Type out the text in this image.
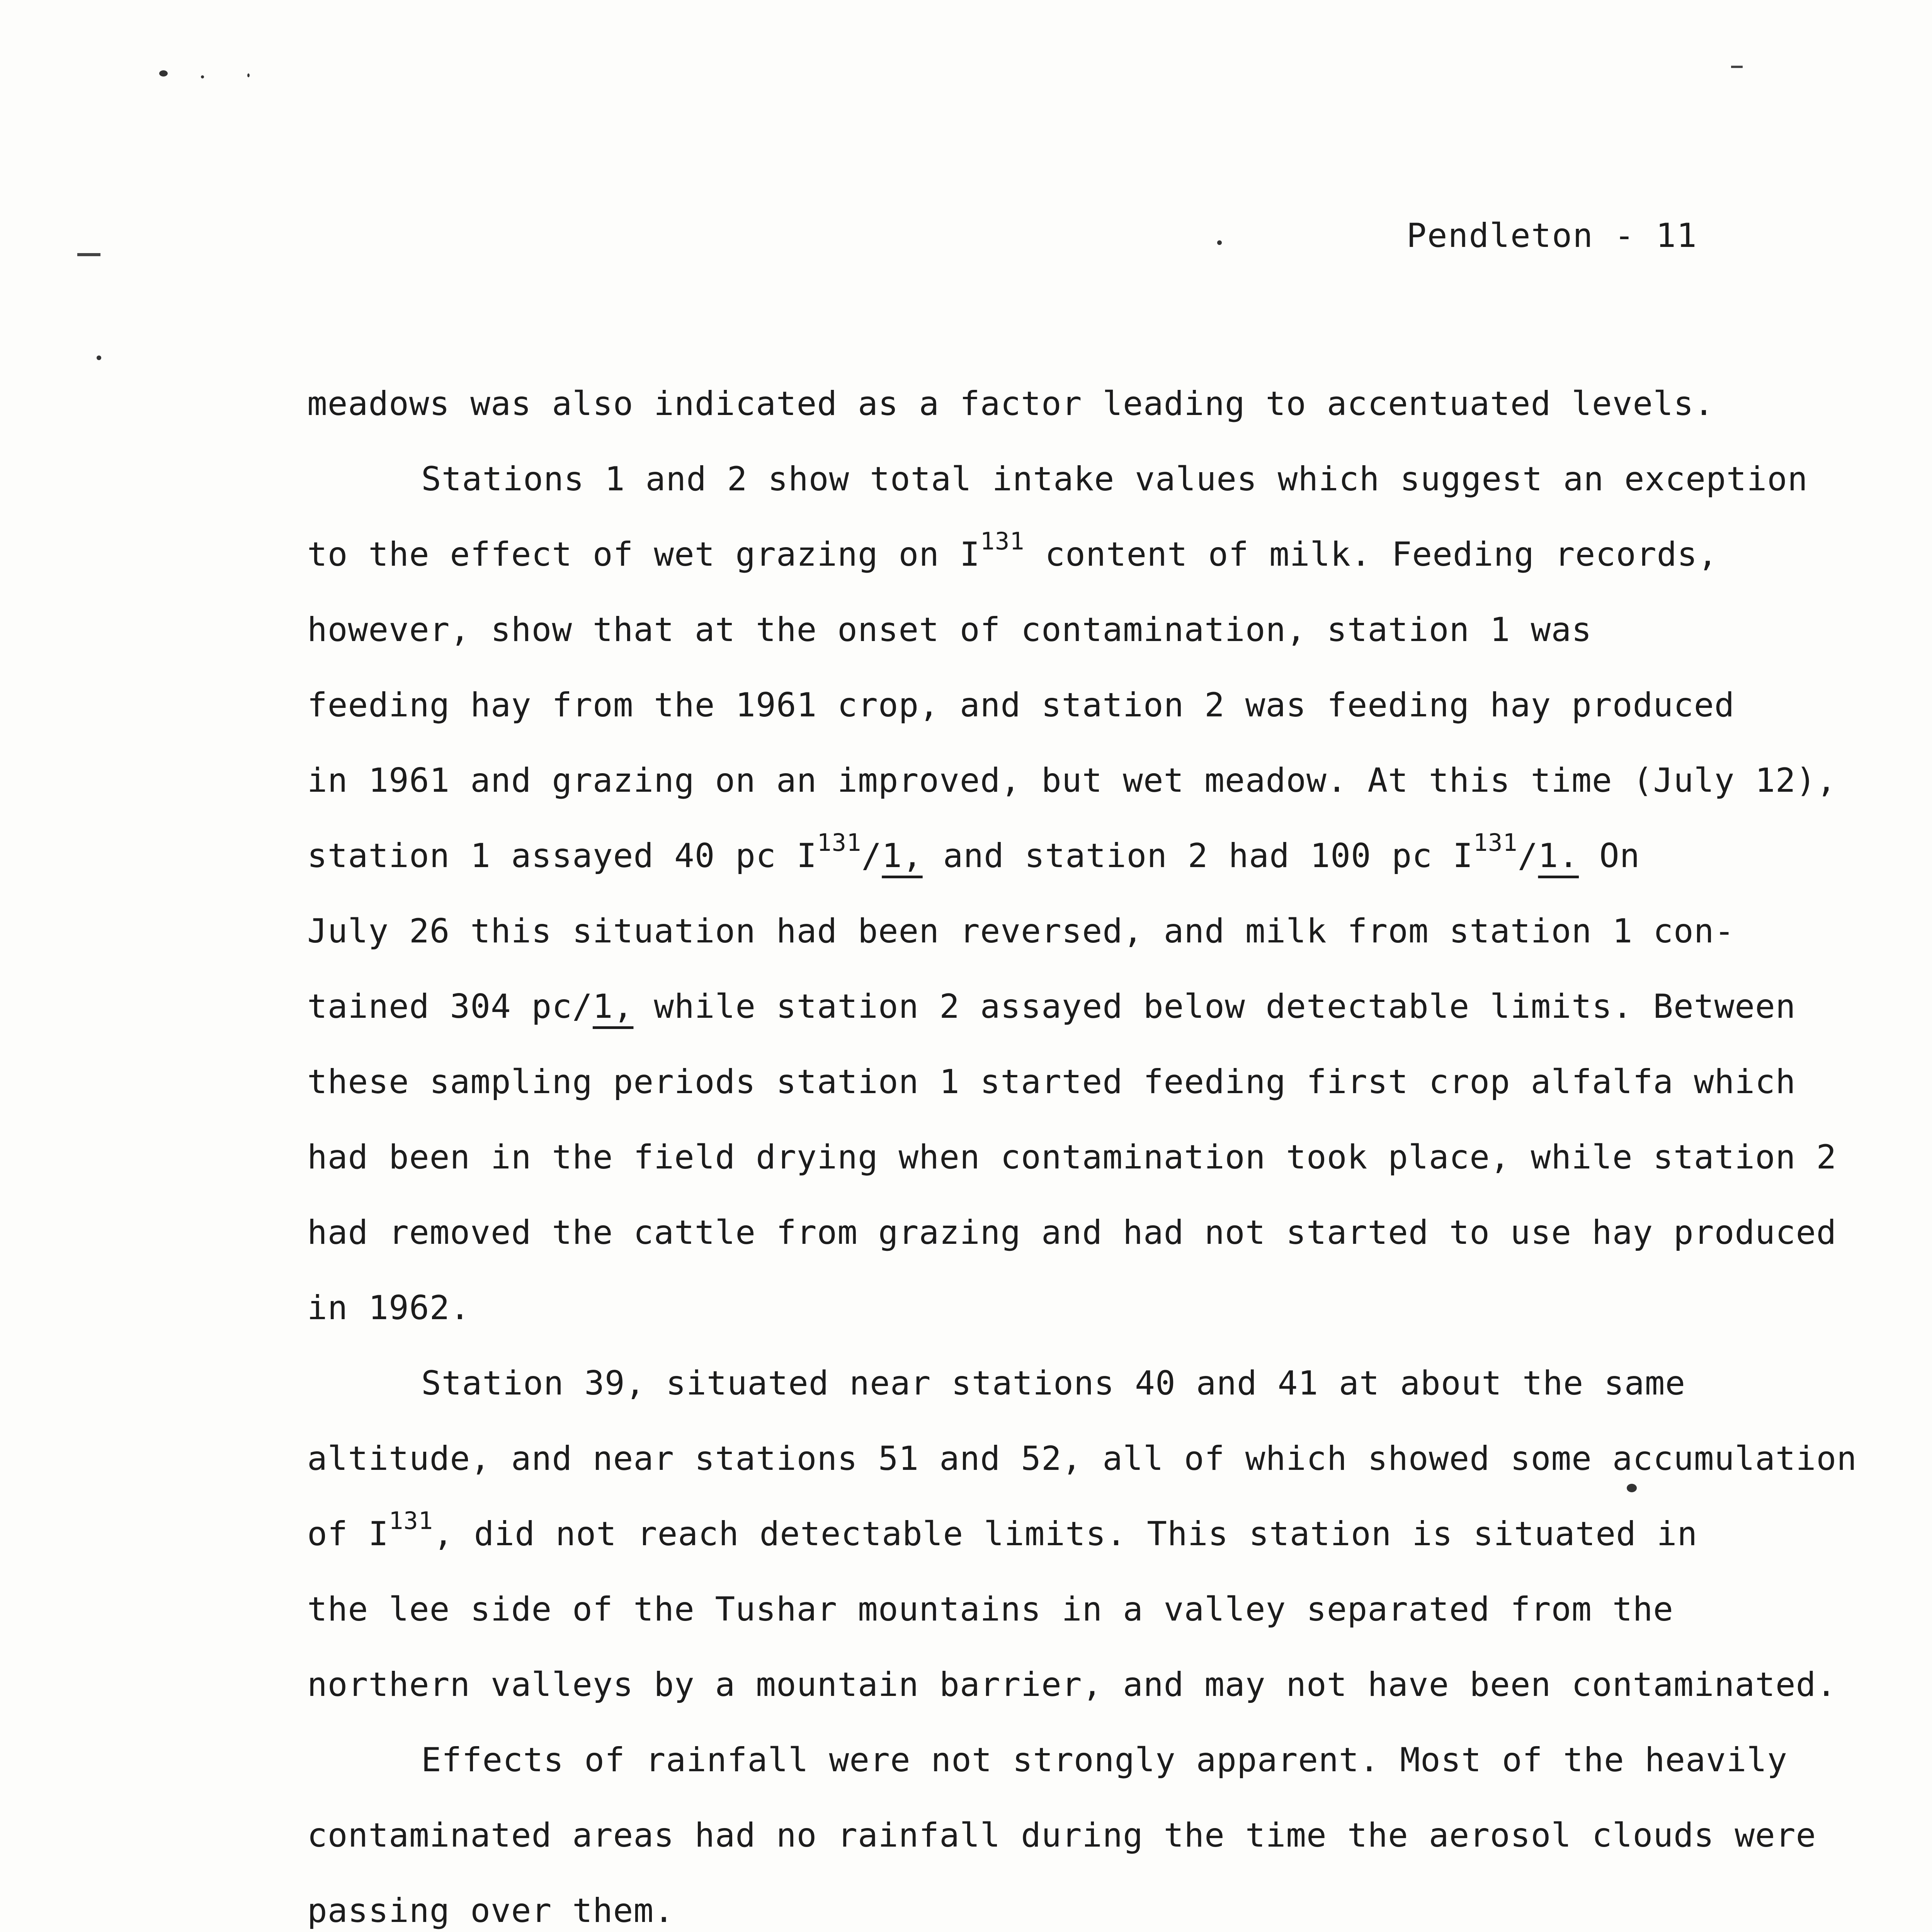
Pendleton - 11
meadows was also indicated as a factor leading to accentuated levels.
Stations 1 and 2 show total intake values which suggest an exception
to the effect of wet grazing on $I^{131}$ content of milk. Feeding records,
however, show that at the onset of contamination, station 1 was
feeding hay from the 1961 crop, and station 2 was feeding hay produced
in 1961 and grazing on an improved, but wet meadow. At this time (July 12),
station 1 assayed 40 pc $I^{131}/1$, and station 2 had 100 pc $I^{131}/1$. On
July 26 this situation had been reversed, and milk from station 1 con-
tained 304 pc/1, while station 2 assayed below detectable limits. Between
these sampling periods station 1 started feeding first crop alfalfa which
had been in the field drying when contamination took place, while station 2
had removed the cattle from grazing and had not started to use hay produced
in 1962.
Station 39, situated near stations 40 and 41 at about the same
altitude, and near stations 51 and 52, all of which showed some accumulation
of $I^{131}$, did not reach detectable limits. This station is situated in
the lee side of the Tushar mountains in a valley separated from the
northern valleys by a mountain barrier, and may not have been contaminated.
Effects of rainfall were not strongly apparent. Most of the heavily
contaminated areas had no rainfall during the time the aerosol clouds were
passing over them.
